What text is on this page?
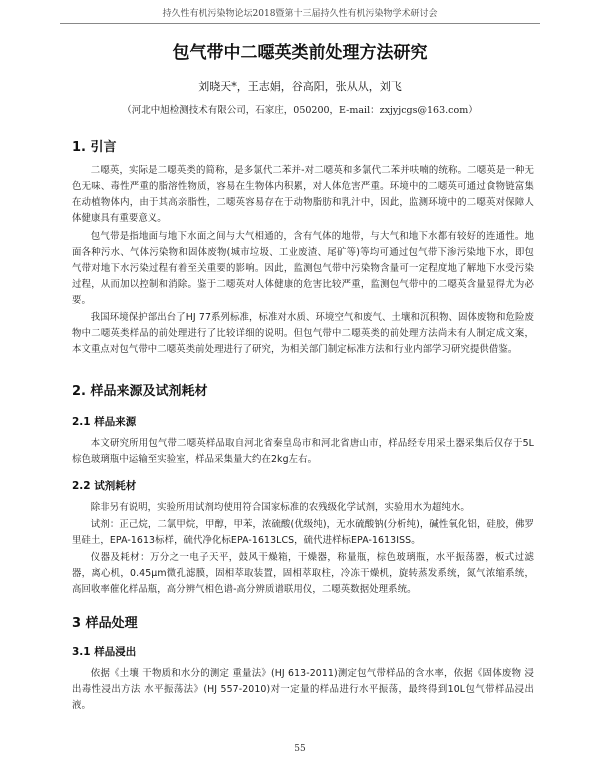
持久性有机污染物论坛2018暨第十三届持久性有机污染物学术研讨会
包气带中二噁英类前处理方法研究
刘晓天*，王志娟，谷高阳，张从从，刘飞
（河北中旭检测技术有限公司，石家庄，050200，E-mail：zxjyjcgs@163.com）
1. 引言

二噁英，实际是二噁英类的简称，是多氯代二苯并-对二噁英和多氯代二苯并呋喃的统称。二噁英是一种无色无味、毒性严重的脂溶性物质，容易在生物体内积累，对人体危害严重。环境中的二噁英可通过食物链富集在动植物体内，由于其高亲脂性，二噁英容易存在于动物脂肪和乳汁中，因此，监测环境中的二噁英对保障人体健康具有重要意义。

包气带是指地面与地下水面之间与大气相通的，含有气体的地带，与大气和地下水都有较好的连通性。地面各种污水、气体污染物和固体废物(城市垃圾、工业废渣、尾矿等)等均可通过包气带下渗污染地下水，即包气带对地下水污染过程有着至关重要的影响。因此，监测包气带中污染物含量可一定程度地了解地下水受污染过程，从而加以控制和消除。鉴于二噁英对人体健康的危害比较严重，监测包气带中的二噁英含量显得尤为必要。

我国环境保护部出台了HJ 77系列标准，标准对水质、环境空气和废气、土壤和沉积物、固体废物和危险废物中二噁英类样品的前处理进行了比较详细的说明。但包气带中二噁英类的前处理方法尚未有人制定成文案，本文重点对包气带中二噁英类前处理进行了研究，为相关部门制定标准方法和行业内部学习研究提供借鉴。

2. 样品来源及试剂耗材
2.1 样品来源

本文研究所用包气带二噁英样品取自河北省秦皇岛市和河北省唐山市，样品经专用采土器采集后仅存于5L棕色玻璃瓶中运输至实验室，样品采集量大约在2kg左右。

2.2 试剂耗材

除非另有说明，实验所用试剂均使用符合国家标准的农残级化学试剂，实验用水为超纯水。

试剂：正己烷，二氯甲烷，甲醇，甲苯，浓硫酸(优级纯)，无水硫酸钠(分析纯)，碱性氧化铝，硅胶，佛罗里硅土，EPA-1613标样，硫代净化标EPA-1613LCS，硫代进样标EPA-1613ISS。

仪器及耗材：万分之一电子天平，鼓风干燥箱，干燥器，称量瓶，棕色玻璃瓶，水平振荡器，板式过滤器，离心机，0.45μm微孔滤膜，固相萃取装置，固相萃取柱，冷冻干燥机，旋转蒸发系统，氮气浓缩系统，高回收率催化样品瓶，高分辨气相色谱-高分辨质谱联用仪，二噁英数据处理系统。

3 样品处理
3.1 样品浸出

依据《土壤 干物质和水分的测定 重量法》(HJ 613-2011)测定包气带样品的含水率，依据《固体废物 浸出毒性浸出方法 水平振荡法》(HJ 557-2010)对一定量的样品进行水平振荡，最终得到10L包气带样品浸出液。

55
